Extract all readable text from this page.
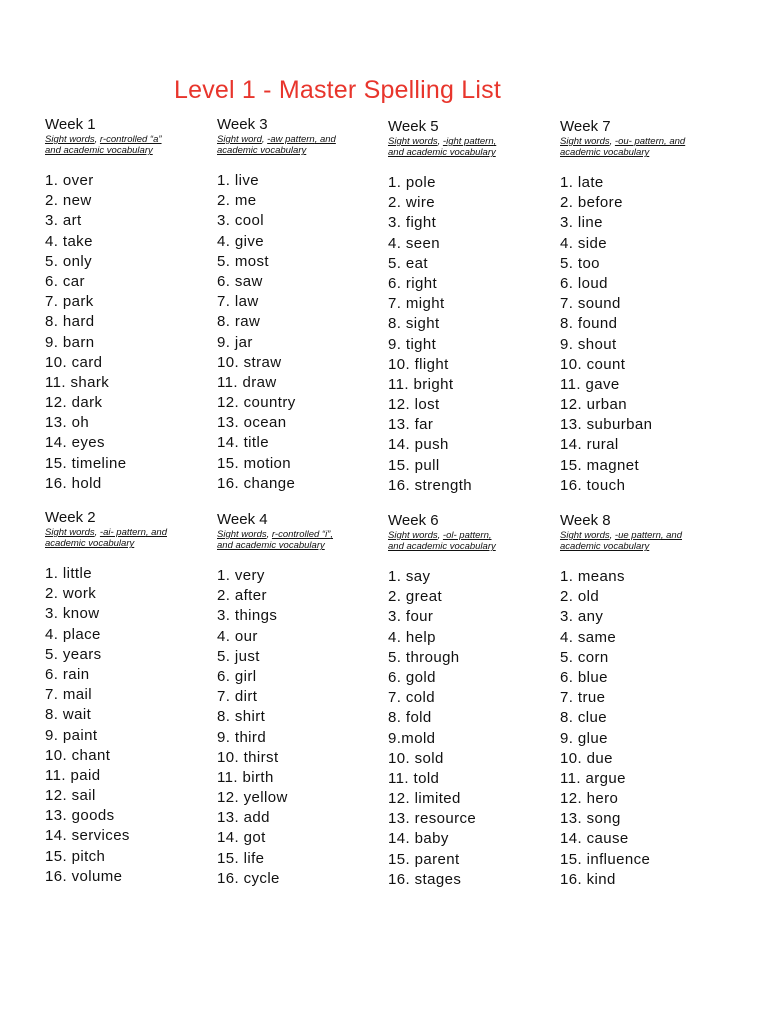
Level 1 - Master Spelling List
Week 1
Sight words, r-controlled “a”
and academic vocabulary
1. over
2. new
3. art
4. take
5. only
6. car
7. park
8. hard
9. barn
10. card
11. shark
12. dark
13. oh
14. eyes
15. timeline
16. hold
Week 3
Sight word, -aw pattern, and
academic vocabulary
1. live
2. me
3. cool
4. give
5. most
6. saw
7. law
8. raw
9. jar
10. straw
11. draw
12. country
13. ocean
14. title
15. motion
16. change
Week 5
Sight words, -ight pattern,
and academic vocabulary
1. pole
2. wire
3. fight
4. seen
5. eat
6. right
7. might
8. sight
9. tight
10. flight
11. bright
12. lost
13. far
14. push
15. pull
16. strength
Week 7
Sight words, -ou- pattern, and
academic vocabulary
1. late
2. before
3. line
4. side
5. too
6. loud
7. sound
8. found
9. shout
10. count
11. gave
12. urban
13. suburban
14. rural
15. magnet
16. touch
Week 2
Sight words, -ai- pattern, and
academic vocabulary
1. little
2. work
3. know
4. place
5. years
6. rain
7. mail
8. wait
9. paint
10. chant
11. paid
12. sail
13. goods
14. services
15. pitch
16. volume
Week 4
Sight words, r-controlled “i”,
and academic vocabulary
1. very
2. after
3. things
4. our
5. just
6. girl
7. dirt
8. shirt
9. third
10. thirst
11. birth
12. yellow
13. add
14. got
15. life
16. cycle
Week 6
Sight words, -ol- pattern,
and academic vocabulary
1. say
2. great
3. four
4. help
5. through
6. gold
7. cold
8. fold
9.mold
10. sold
11. told
12. limited
13. resource
14. baby
15. parent
16. stages
Week 8
Sight words, -ue pattern, and
academic vocabulary
1. means
2. old
3. any
4. same
5. corn
6. blue
7. true
8. clue
9. glue
10. due
11. argue
12. hero
13. song
14. cause
15. influence
16. kind
